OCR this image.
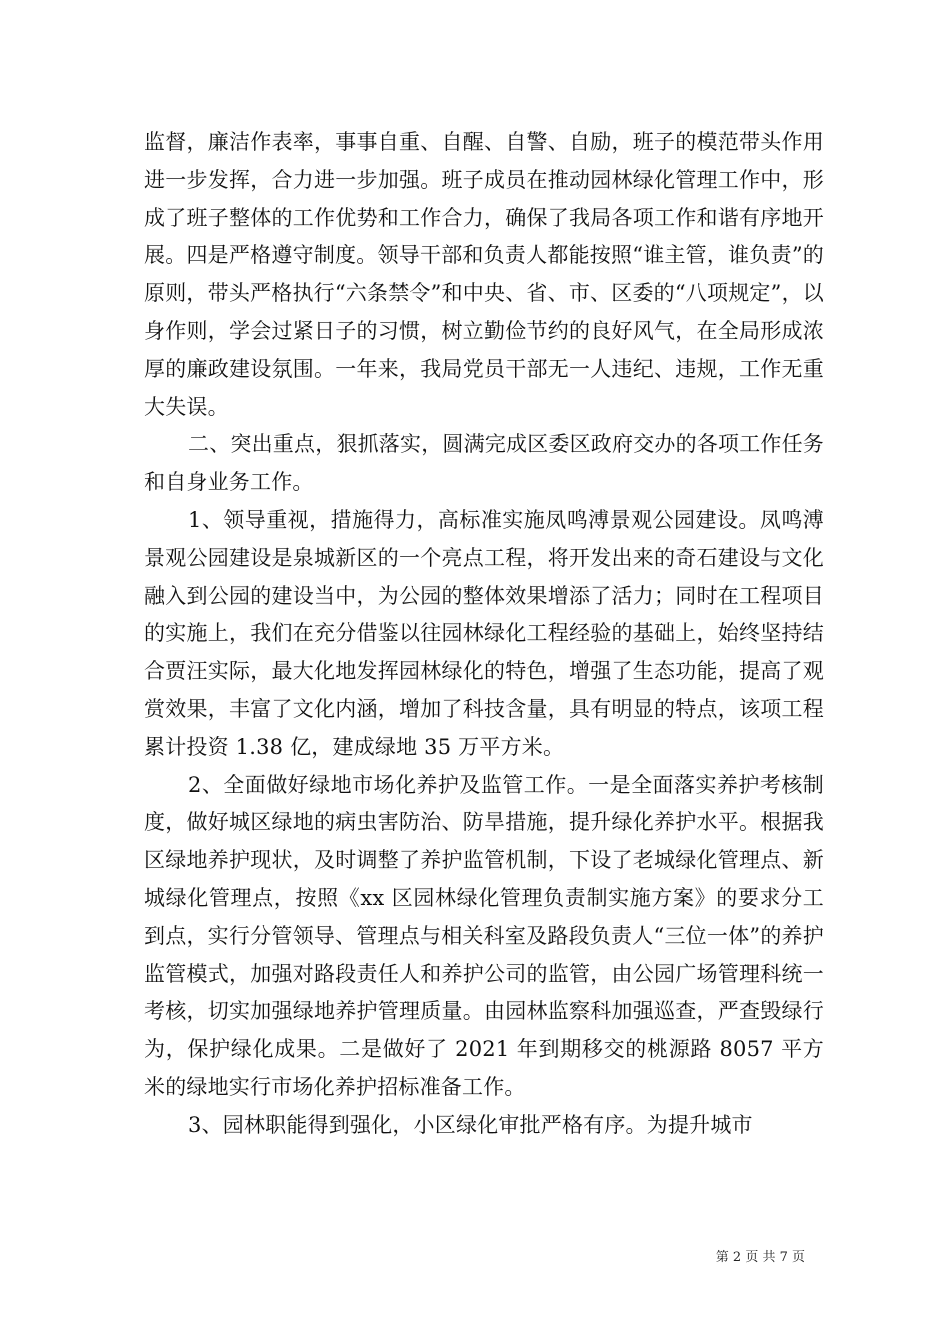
监督，廉洁作表率，事事自重、自醒、自警、自励，班子的模范带头作用进一步发挥，合力进一步加强。班子成员在推动园林绿化管理工作中，形成了班子整体的工作优势和工作合力，确保了我局各项工作和谐有序地开展。四是严格遵守制度。领导干部和负责人都能按照“谁主管，谁负责”的原则，带头严格执行“六条禁令”和中央、省、市、区委的“八项规定”，以身作则，学会过紧日子的习惯，树立勤俭节约的良好风气，在全局形成浓厚的廉政建设氛围。一年来，我局党员干部无一人违纪、违规，工作无重大失误。

二、突出重点，狠抓落实，圆满完成区委区政府交办的各项工作任务和自身业务工作。

1、领导重视，措施得力，高标准实施凤鸣溥景观公园建设。凤鸣溥景观公园建设是泉城新区的一个亮点工程，将开发出来的奇石建设与文化融入到公园的建设当中，为公园的整体效果增添了活力；同时在工程项目的实施上，我们在充分借鉴以往园林绿化工程经验的基础上，始终坚持结合贾汪实际，最大化地发挥园林绿化的特色，增强了生态功能，提高了观赏效果，丰富了文化内涵，增加了科技含量，具有明显的特点，该项工程累计投资 1.38 亿，建成绿地 35 万平方米。

2、全面做好绿地市场化养护及监管工作。一是全面落实养护考核制度，做好城区绿地的病虫害防治、防旱措施，提升绿化养护水平。根据我区绿地养护现状，及时调整了养护监管机制，下设了老城绿化管理点、新城绿化管理点，按照《xx 区园林绿化管理负责制实施方案》的要求分工到点，实行分管领导、管理点与相关科室及路段负责人“三位一体”的养护监管模式，加强对路段责任人和养护公司的监管，由公园广场管理科统一考核，切实加强绿地养护管理质量。由园林监察科加强巡查，严查毁绿行为，保护绿化成果。二是做好了 2021 年到期移交的桃源路 8057 平方米的绿地实行市场化养护招标准备工作。

3、园林职能得到强化，小区绿化审批严格有序。为提升城市

第 2 页 共 7 页
